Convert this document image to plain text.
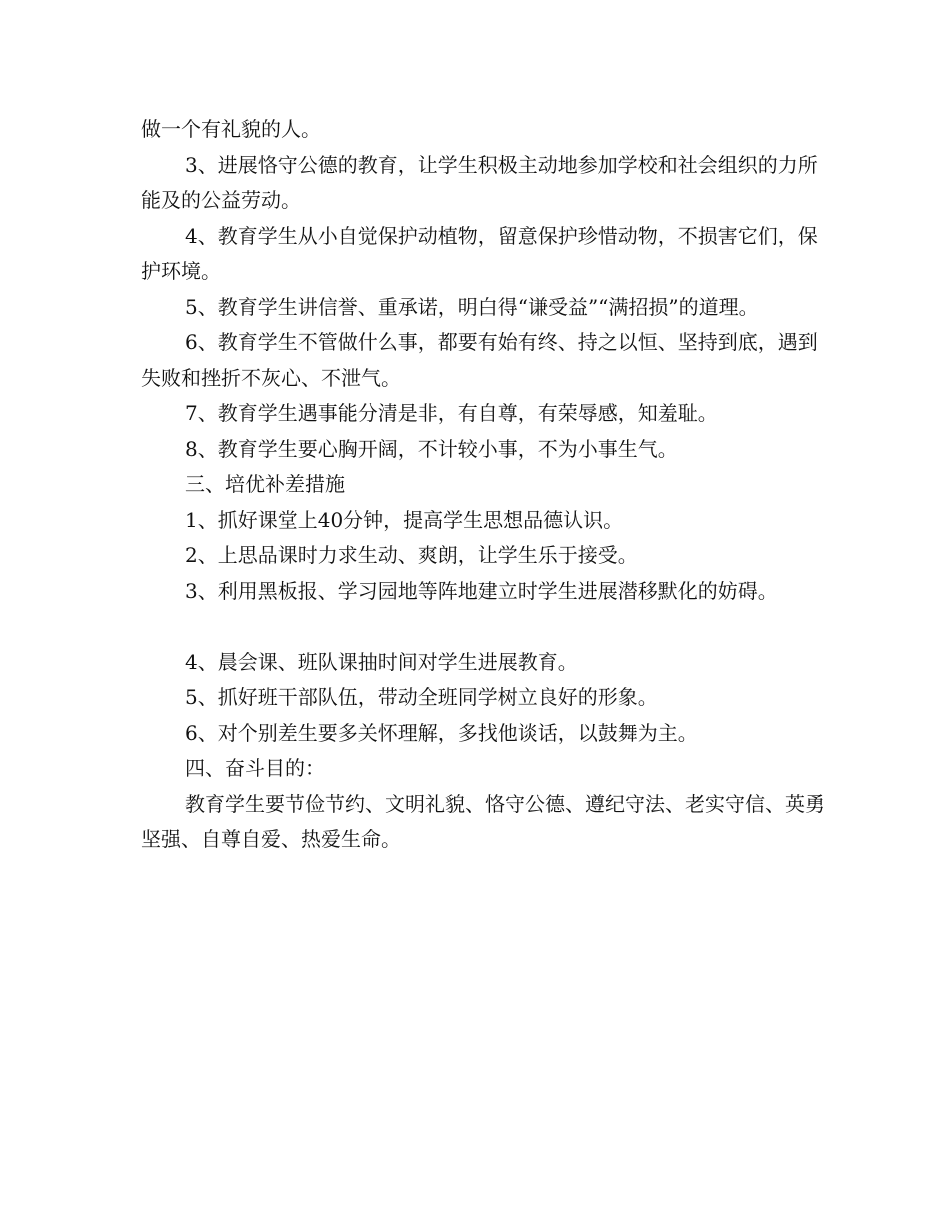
做一个有礼貌的人。

3、进展恪守公德的教育，让学生积极主动地参加学校和社会组织的力所能及的公益劳动。

4、教育学生从小自觉保护动植物，留意保护珍惜动物，不损害它们，保护环境。

5、教育学生讲信誉、重承诺，明白得“谦受益”“满招损”的道理。

6、教育学生不管做什么事，都要有始有终、持之以恒、坚持到底，遇到失败和挫折不灰心、不泄气。

7、教育学生遇事能分清是非，有自尊，有荣辱感，知羞耻。

8、教育学生要心胸开阔，不计较小事，不为小事生气。

三、培优补差措施

1、抓好课堂上40分钟，提高学生思想品德认识。

2、上思品课时力求生动、爽朗，让学生乐于接受。

3、利用黑板报、学习园地等阵地建立时学生进展潜移默化的妨碍。

4、晨会课、班队课抽时间对学生进展教育。

5、抓好班干部队伍，带动全班同学树立良好的形象。

6、对个别差生要多关怀理解，多找他谈话，以鼓舞为主。

四、奋斗目的：

教育学生要节俭节约、文明礼貌、恪守公德、遵纪守法、老实守信、英勇坚强、自尊自爱、热爱生命。
